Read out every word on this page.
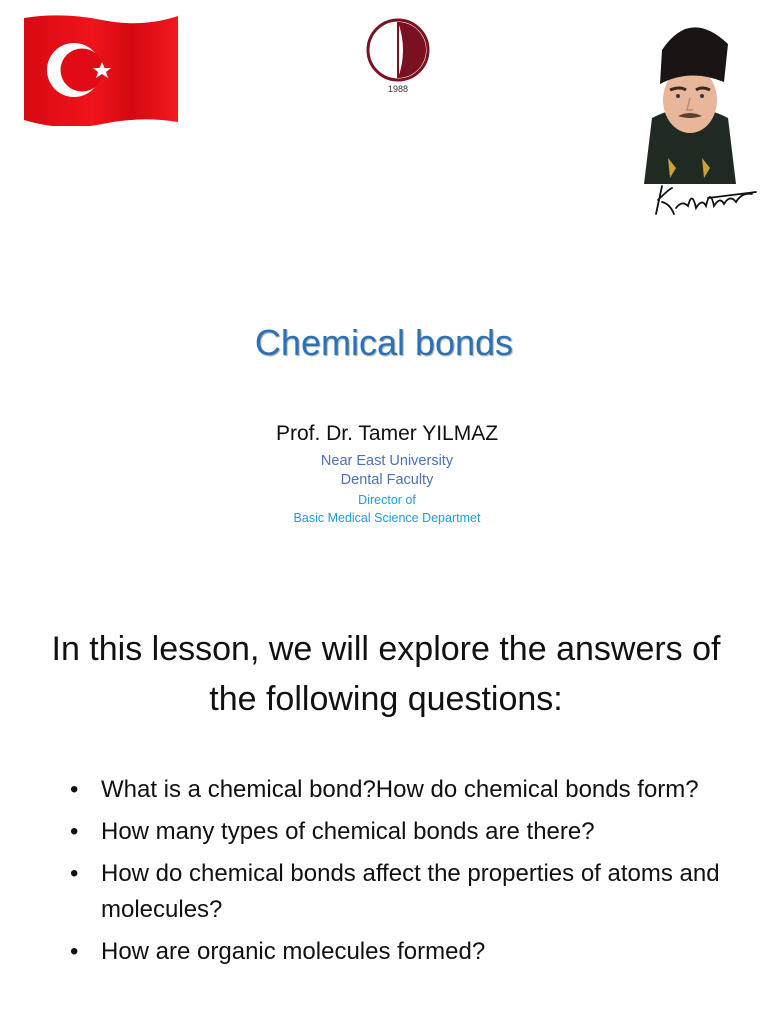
1988
Chemical bonds
Prof. Dr. Tamer YILMAZ
Near East University
Dental Faculty
Director of
Basic Medical Science Departmet
In this lesson, we will explore the answers of the following questions:
• What is a chemical bond?How do chemical bonds form?
• How many types of chemical bonds are there?
• How do chemical bonds affect the properties of atoms and molecules?
• How are organic molecules formed?
